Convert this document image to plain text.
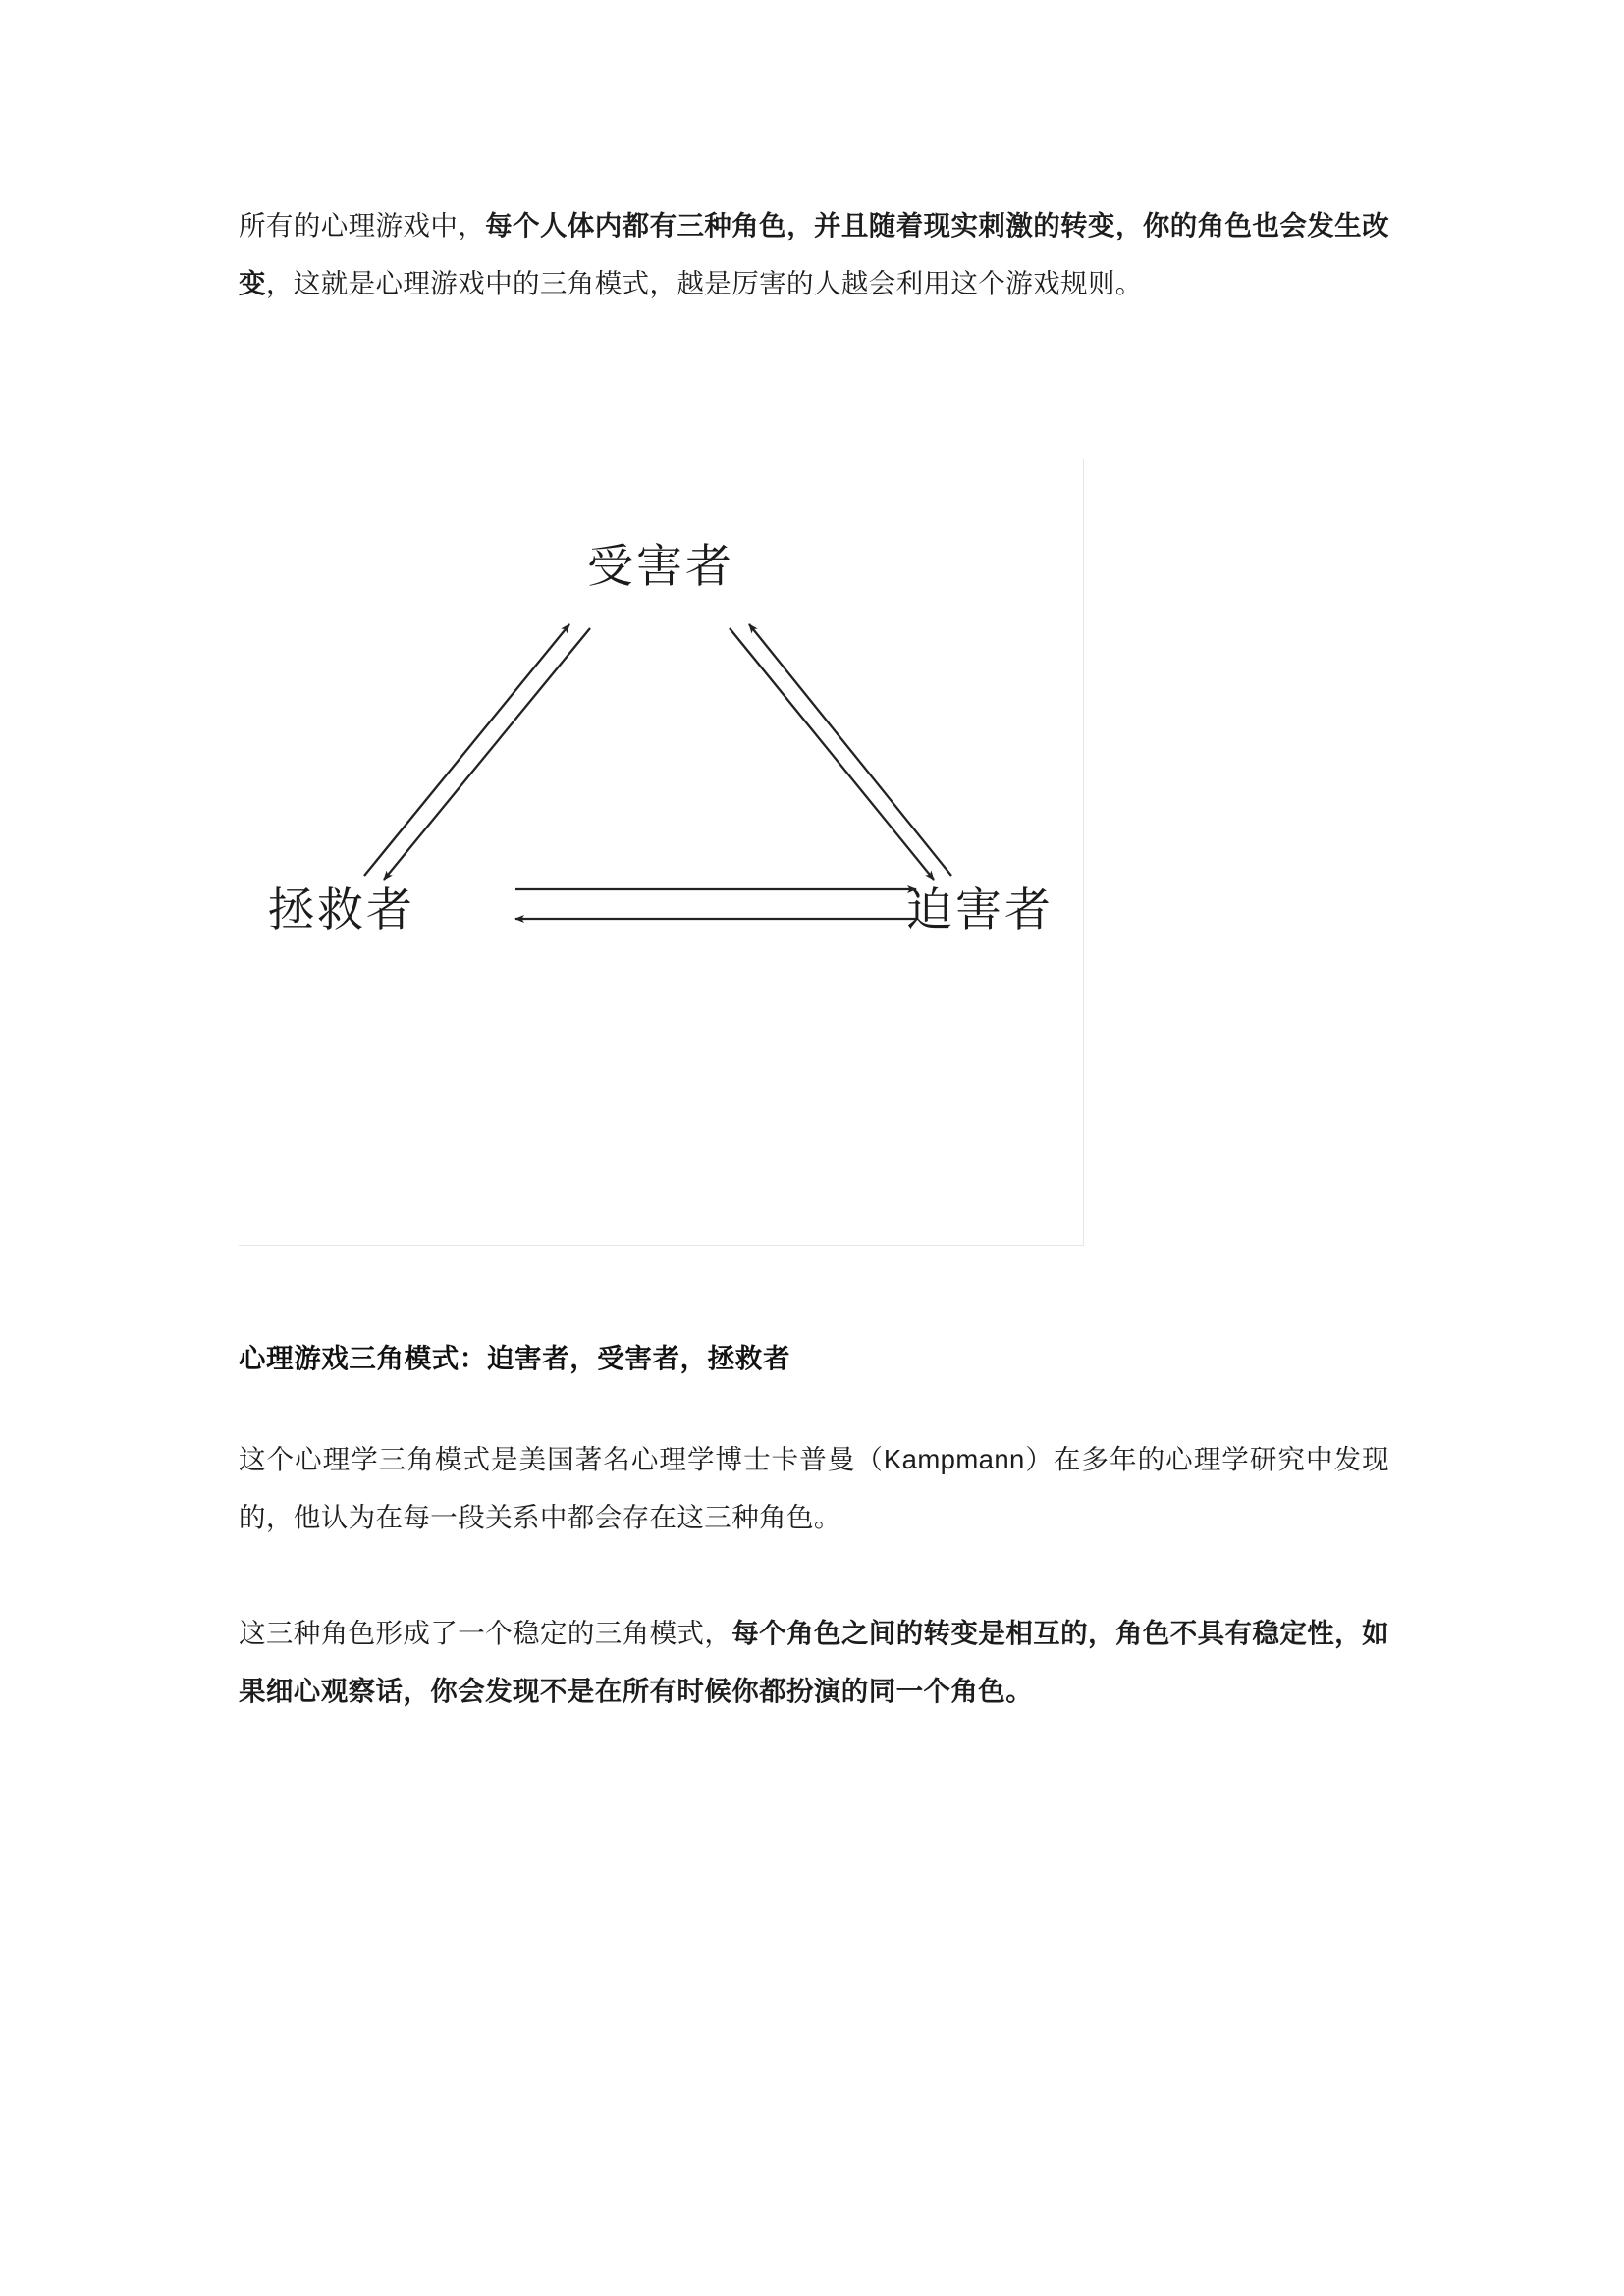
所有的心理游戏中，每个人体内都有三种角色，并且随着现实刺激的转变，你的角色也会发生改变，这就是心理游戏中的三角模式，越是厉害的人越会利用这个游戏规则。

受害者
拯救者	迫害者

心理游戏三角模式：迫害者，受害者，拯救者

这个心理学三角模式是美国著名心理学博士卡普曼（Kampmann）在多年的心理学研究中发现的，他认为在每一段关系中都会存在这三种角色。

这三种角色形成了一个稳定的三角模式，每个角色之间的转变是相互的，角色不具有稳定性，如果细心观察话，你会发现不是在所有时候你都扮演的同一个角色。
